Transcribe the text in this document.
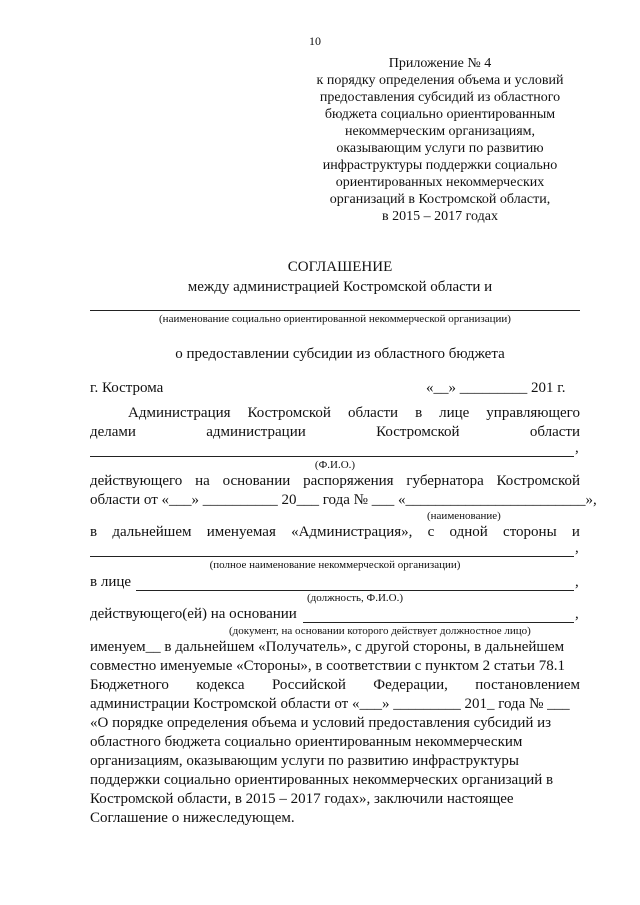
10
Приложение № 4
к порядку определения объема и условий
предоставления субсидий из областного
бюджета социально ориентированным
некоммерческим организациям,
оказывающим услуги по развитию
инфраструктуры поддержки социально
ориентированных некоммерческих
организаций в Костромской области,
в 2015 – 2017 годах
СОГЛАШЕНИЕ
между администрацией Костромской области и
(наименование социально ориентированной некоммерческой организации)
о предоставлении субсидии из областного бюджета
г. Кострома	«__» _________ 201 г.
Администрация Костромской области в лице управляющего
делами	администрации	Костромской	области
,
(Ф.И.О.)
действующего на основании распоряжения губернатора Костромской
области от «___» __________ 20___ года № ___ «________________________»,
(наименование)
в дальнейшем именуемая «Администрация», с одной стороны и
,
(полное наименование некоммерческой организации)
в лице	,
(должность, Ф.И.О.)
действующего(ей) на основании	,
(документ, на основании которого действует должностное лицо)
именуем__ в дальнейшем «Получатель», с другой стороны, в дальнейшем
совместно именуемые «Стороны», в соответствии с пунктом 2 статьи 78.1
Бюджетного кодекса Российской Федерации, постановлением
администрации Костромской области от «___» _________ 201_ года № ___
«О порядке определения объема и условий предоставления субсидий из
областного бюджета социально ориентированным некоммерческим
организациям, оказывающим услуги по развитию инфраструктуры
поддержки социально ориентированных некоммерческих организаций в
Костромской области, в 2015 – 2017 годах», заключили настоящее
Соглашение о нижеследующем.
